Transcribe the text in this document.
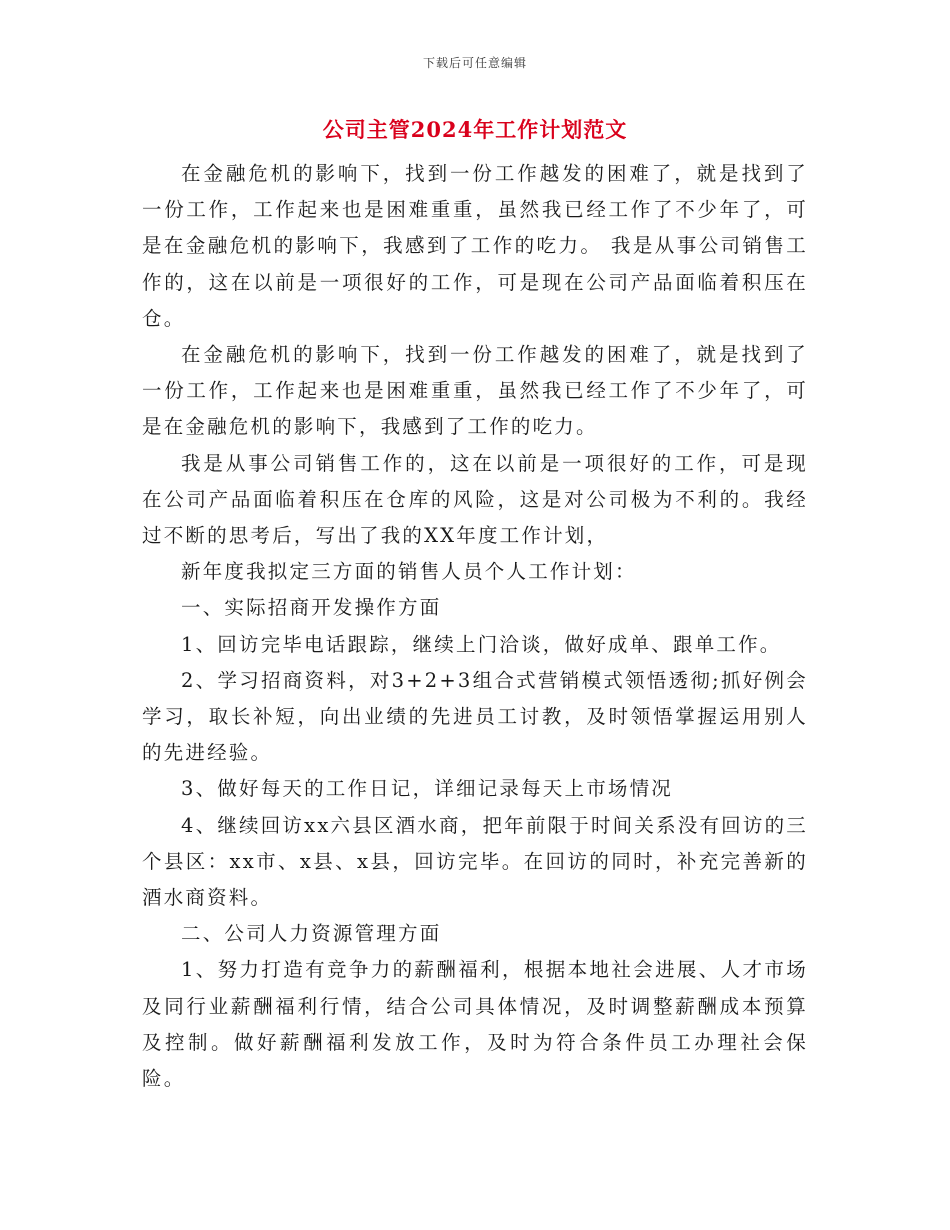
下载后可任意编辑
公司主管2024年工作计划范文

在金融危机的影响下，找到一份工作越发的困难了，就是找到了一份工作，工作起来也是困难重重，虽然我已经工作了不少年了，可是在金融危机的影响下，我感到了工作的吃力。 我是从事公司销售工作的，这在以前是一项很好的工作，可是现在公司产品面临着积压在仓。

在金融危机的影响下，找到一份工作越发的困难了，就是找到了一份工作，工作起来也是困难重重，虽然我已经工作了不少年了，可是在金融危机的影响下，我感到了工作的吃力。

我是从事公司销售工作的，这在以前是一项很好的工作，可是现在公司产品面临着积压在仓库的风险，这是对公司极为不利的。我经过不断的思考后，写出了我的XX年度工作计划，

新年度我拟定三方面的销售人员个人工作计划：

一、实际招商开发操作方面

1、回访完毕电话跟踪，继续上门洽谈，做好成单、跟单工作。

2、学习招商资料，对3+2+3组合式营销模式领悟透彻;抓好例会学习，取长补短，向出业绩的先进员工讨教，及时领悟掌握运用别人的先进经验。

3、做好每天的工作日记，详细记录每天上市场情况

4、继续回访xx六县区酒水商，把年前限于时间关系没有回访的三个县区：xx市、x县、x县，回访完毕。在回访的同时，补充完善新的酒水商资料。

二、公司人力资源管理方面

1、努力打造有竞争力的薪酬福利，根据本地社会进展、人才市场及同行业薪酬福利行情，结合公司具体情况，及时调整薪酬成本预算及控制。做好薪酬福利发放工作，及时为符合条件员工办理社会保险。
